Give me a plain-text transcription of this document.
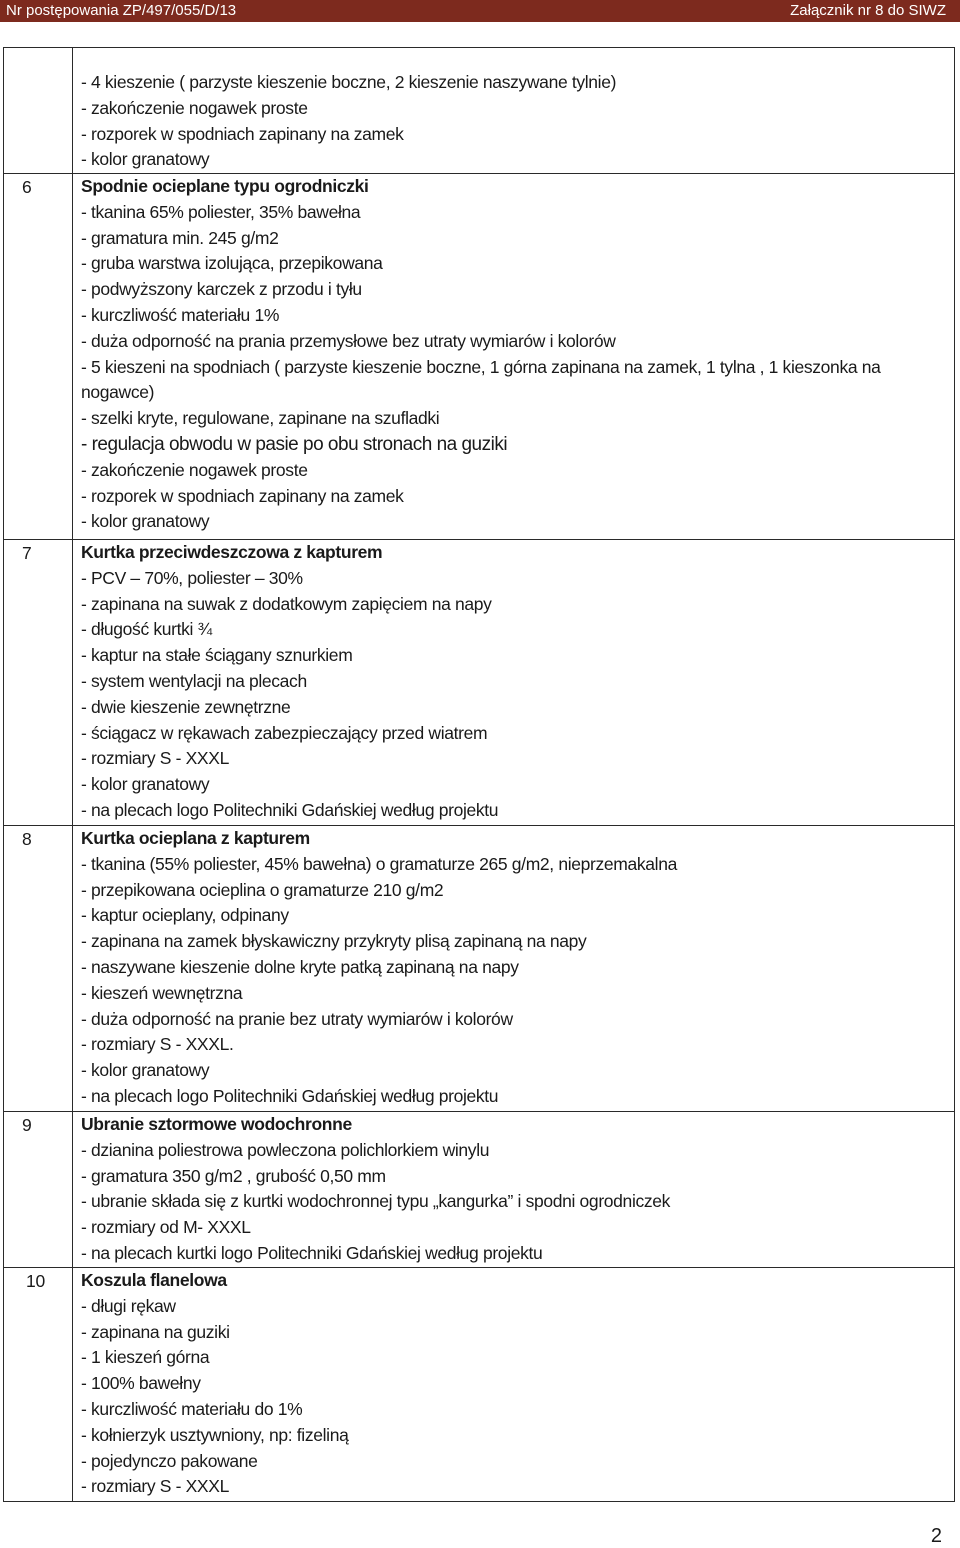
Nr postępowania ZP/497/055/D/13	Załącznik nr 8 do SIWZ
- 4 kieszenie ( parzyste kieszenie boczne, 2 kieszenie naszywane tylnie)
- zakończenie nogawek proste
- rozporek w spodniach zapinany na zamek
- kolor granatowy
6	Spodnie ocieplane typu ogrodniczki
- tkanina 65% poliester, 35% bawełna
- gramatura min. 245 g/m2
- gruba warstwa izolująca, przepikowana
- podwyższony karczek z przodu i tyłu
- kurczliwość materiału 1%
- duża odporność na prania przemysłowe bez utraty wymiarów i kolorów
- 5 kieszeni na spodniach ( parzyste kieszenie boczne, 1 górna zapinana na zamek, 1 tylna , 1 kieszonka na nogawce)
- szelki kryte, regulowane, zapinane na szufladki
- regulacja obwodu w pasie po obu stronach na guziki
- zakończenie nogawek proste
- rozporek w spodniach zapinany na zamek
- kolor granatowy
7	Kurtka przeciwdeszczowa z kapturem
- PCV – 70%, poliester – 30%
- zapinana na suwak z dodatkowym zapięciem na napy
- długość kurtki ¾
- kaptur na stałe ściągany sznurkiem
- system wentylacji na plecach
- dwie kieszenie zewnętrzne
- ściągacz w rękawach zabezpieczający przed wiatrem
- rozmiary S - XXXL
- kolor granatowy
- na plecach logo Politechniki Gdańskiej według projektu
8	Kurtka ocieplana z kapturem
- tkanina (55% poliester, 45% bawełna) o gramaturze 265 g/m2, nieprzemakalna
- przepikowana ocieplina o gramaturze 210 g/m2
- kaptur ocieplany, odpinany
- zapinana na zamek błyskawiczny przykryty plisą zapinaną na napy
- naszywane kieszenie dolne kryte patką zapinaną na napy
- kieszeń wewnętrzna
- duża odporność na pranie bez utraty wymiarów i kolorów
- rozmiary S - XXXL.
- kolor granatowy
- na plecach logo Politechniki Gdańskiej według projektu
9	Ubranie sztormowe wodochronne
- dzianina poliestrowa powleczona polichlorkiem winylu
- gramatura 350 g/m2 , grubość 0,50 mm
- ubranie składa się z kurtki wodochronnej typu „kangurka” i spodni ogrodniczek
- rozmiary od M- XXXL
- na plecach kurtki logo Politechniki Gdańskiej według projektu
10	Koszula flanelowa
- długi rękaw
- zapinana na guziki
- 1 kieszeń górna
- 100% bawełny
- kurczliwość materiału do 1%
- kołnierzyk usztywniony, np: fizeliną
- pojedynczo pakowane
- rozmiary S - XXXL
2
